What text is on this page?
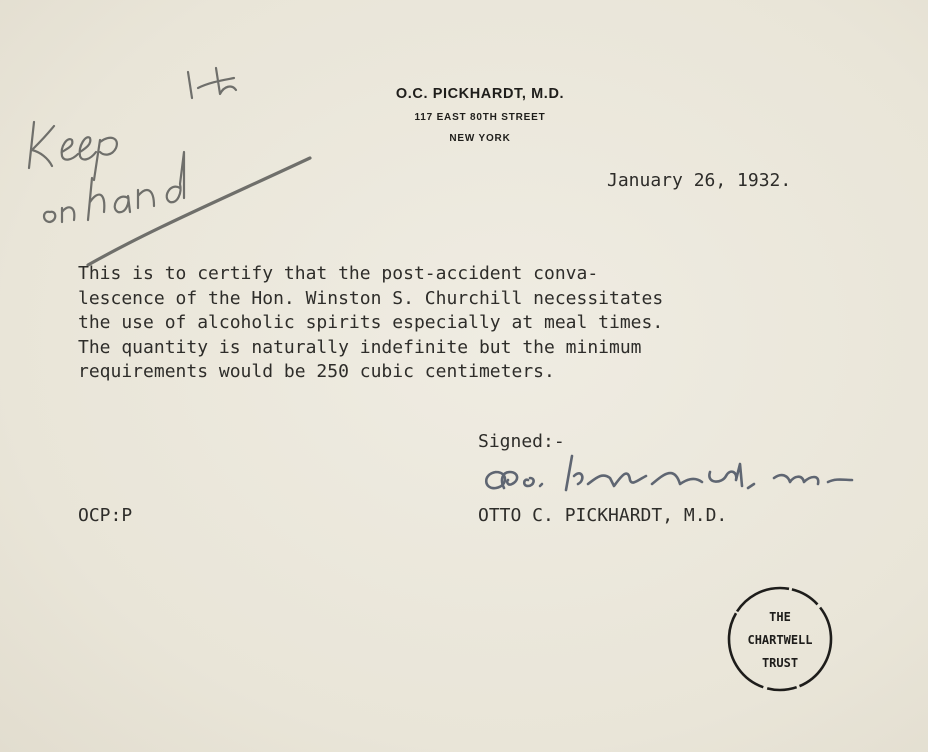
O.C. PICKHARDT, M.D.
117 EAST 80TH STREET
NEW YORK
January 26, 1932.
This is to certify that the post-accident conva-
lescence of the Hon. Winston S. Churchill necessitates
the use of alcoholic spirits especially at meal times.
The quantity is naturally indefinite but the minimum
requirements would be 250 cubic centimeters.
Signed:-
OCP:P	OTTO C. PICKHARDT, M.D.
THE
CHARTWELL
TRUST
